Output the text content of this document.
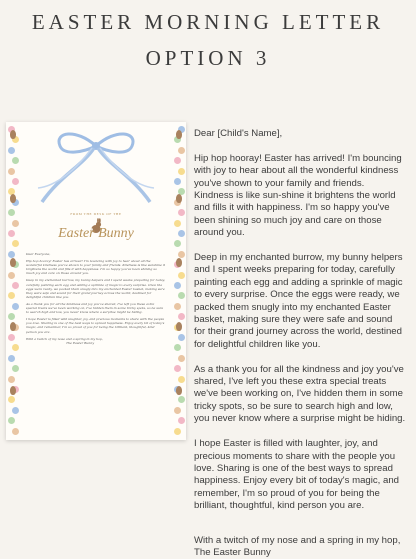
EASTER MORNING LETTER
OPTION 3
FROM THE DESK OF THE
Easter Bunny

Dear Everyone,

Hip hop hooray! Easter has arrived! I'm bouncing with joy to hear about all the wonderful kindness you've shown to your family and friends. Kindness is like sunshine it brightens the world and fills it with happiness. I'm so happy you've been shining so much joy and care on those around you.

Deep in my enchanted burrow, my bunny helpers and I spent weeks preparing for today, carefully painting each egg and adding a sprinkle of magic to every surprise. Once the eggs were ready, we packed them snugly into my enchanted Easter basket, making sure they were safe and sound for their grand journey across the world, destined for delightful children like you.

As a thank you for all the kindness and joy you've shared, I've left you these extra special treats we've been working on, I've hidden them in some tricky spots, so be sure to search high and low, you never know where a surprise might be hiding.

I hope Easter is filled with laughter, joy, and precious moments to share with the people you love. Sharing is one of the best ways to spread happiness. Enjoy every bit of today's magic, and remember, I'm so proud of you for being the brilliant, thoughtful, kind person you are.

With a twitch of my nose and a spring in my hop,

The Easter Bunny

Dear [Child's Name],

Hip hop hooray! Easter has arrived! I'm bouncing with joy to hear about all the wonderful kindness you've shown to your family and friends. Kindness is like sun-shine it brightens the world and fills it with happiness. I'm so happy you've been shining so much joy and care on those around you.

Deep in my enchanted burrow, my bunny helpers and I spent weeks preparing for today, carefully painting each egg and adding a sprinkle of magic to every surprise. Once the eggs were ready, we packed them snugly into my enchanted Easter basket, making sure they were safe and sound for their grand journey across the world, destined for delightful children like you.

As a thank you for all the kindness and joy you've shared, I've left you these extra special treats we've been working on, I've hidden them in some tricky spots, so be sure to search high and low, you never know where a surprise might be hiding.

I hope Easter is filled with laughter, joy, and precious moments to share with the people you love. Sharing is one of the best ways to spread happiness. Enjoy every bit of today's magic, and remember, I'm so proud of you for being the brilliant, thoughtful, kind person you are.

With a twitch of my nose and a spring in my hop,

The Easter Bunny
